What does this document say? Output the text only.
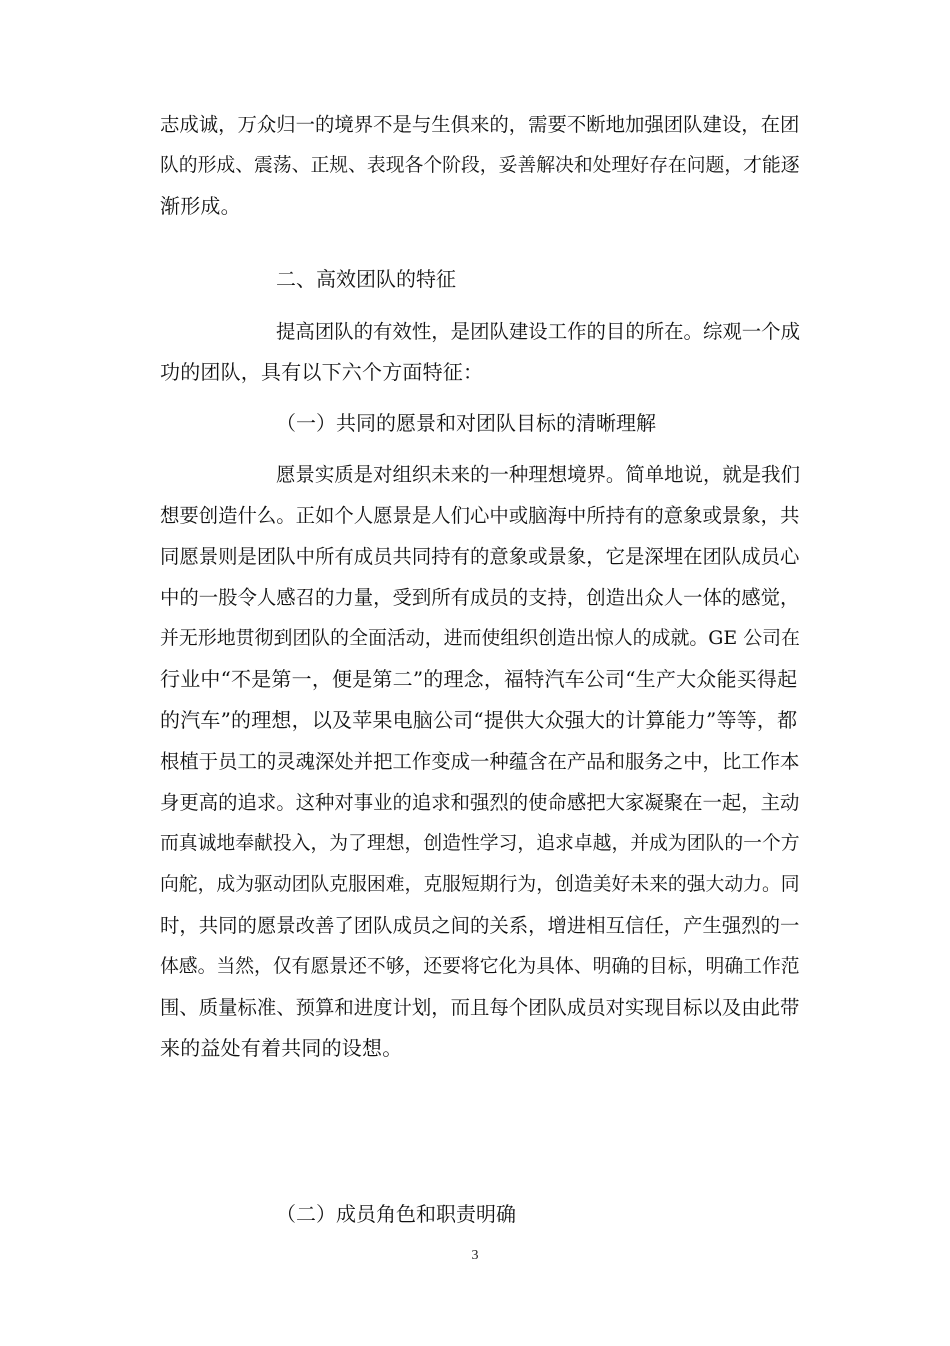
志成诚，万众归一的境界不是与生俱来的，需要不断地加强团队建设，在团
队的形成、震荡、正规、表现各个阶段，妥善解决和处理好存在问题，才能逐
渐形成。
二、高效团队的特征
提高团队的有效性，是团队建设工作的目的所在。综观一个成
功的团队，具有以下六个方面特征：
（一）共同的愿景和对团队目标的清晰理解
愿景实质是对组织未来的一种理想境界。简单地说，就是我们
想要创造什么。正如个人愿景是人们心中或脑海中所持有的意象或景象，共
同愿景则是团队中所有成员共同持有的意象或景象，它是深埋在团队成员心
中的一股令人感召的力量，受到所有成员的支持，创造出众人一体的感觉，
并无形地贯彻到团队的全面活动，进而使组织创造出惊人的成就。GE 公司在
行业中“不是第一，便是第二”的理念，福特汽车公司“生产大众能买得起
的汽车”的理想，以及苹果电脑公司“提供大众强大的计算能力”等等，都
根植于员工的灵魂深处并把工作变成一种蕴含在产品和服务之中，比工作本
身更高的追求。这种对事业的追求和强烈的使命感把大家凝聚在一起，主动
而真诚地奉献投入，为了理想，创造性学习，追求卓越，并成为团队的一个方
向舵，成为驱动团队克服困难，克服短期行为，创造美好未来的强大动力。同
时，共同的愿景改善了团队成员之间的关系，增进相互信任，产生强烈的一
体感。当然，仅有愿景还不够，还要将它化为具体、明确的目标，明确工作范
围、质量标准、预算和进度计划，而且每个团队成员对实现目标以及由此带
来的益处有着共同的设想。
（二）成员角色和职责明确
3
